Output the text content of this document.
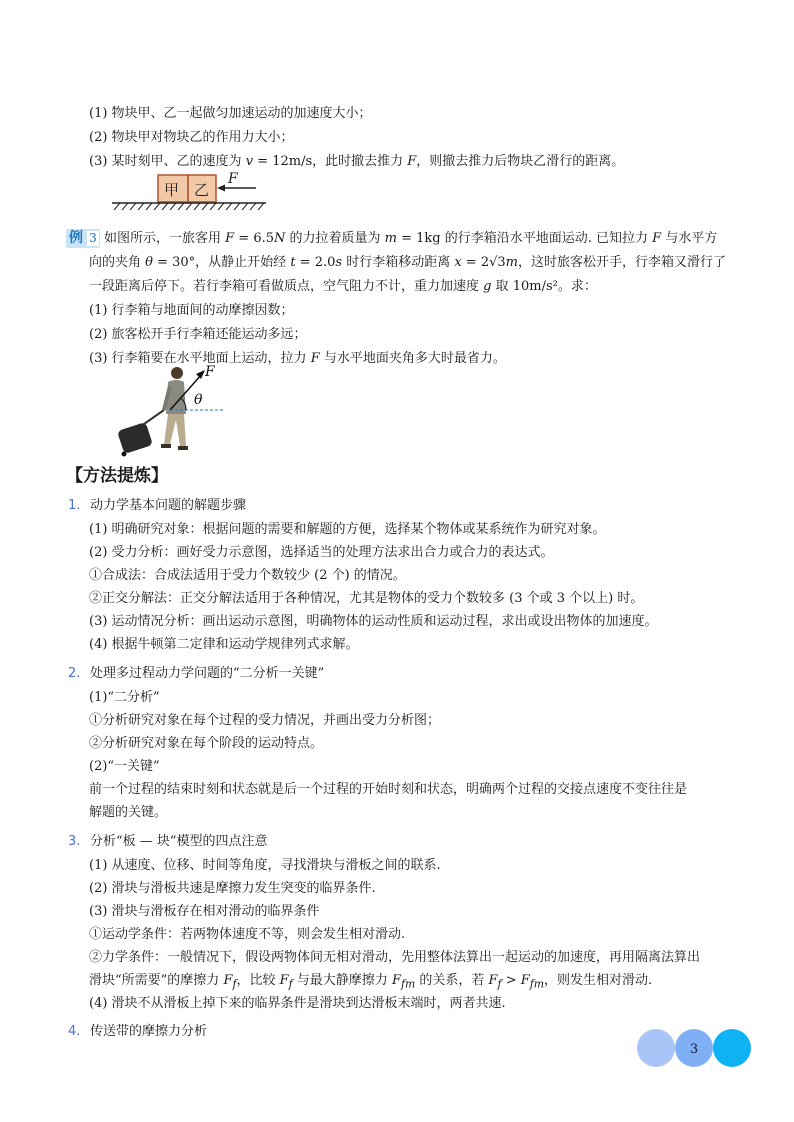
(1) 物块甲、乙一起做匀加速运动的加速度大小；
(2) 物块甲对物块乙的作用力大小；
(3) 某时刻甲、乙的速度为 v = 12m/s，此时撤去推力 F，则撤去推力后物块乙滑行的距离。
甲 乙
F
例 3 如图所示，一旅客用 F = 6.5N 的力拉着质量为 m = 1kg 的行李箱沿水平地面运动. 已知拉力 F 与水平方
向的夹角 θ = 30°，从静止开始经 t = 2.0s 时行李箱移动距离 x = 2√3m，这时旅客松开手，行李箱又滑行了
一段距离后停下。若行李箱可看做质点，空气阻力不计，重力加速度 g 取 10m/s²。求：
(1) 行李箱与地面间的动摩擦因数；
(2) 旅客松开手行李箱还能运动多远；
(3) 行李箱要在水平地面上运动，拉力 F 与水平地面夹角多大时最省力。
F
θ
【方法提炼】
1. 动力学基本问题的解题步骤
(1) 明确研究对象：根据问题的需要和解题的方便，选择某个物体或某系统作为研究对象。
(2) 受力分析：画好受力示意图，选择适当的处理方法求出合力或合力的表达式。
①合成法：合成法适用于受力个数较少 (2 个) 的情况。
②正交分解法：正交分解法适用于各种情况，尤其是物体的受力个数较多 (3 个或 3 个以上) 时。
(3) 运动情况分析：画出运动示意图，明确物体的运动性质和运动过程，求出或设出物体的加速度。
(4) 根据牛顿第二定律和运动学规律列式求解。
2. 处理多过程动力学问题的“二分析一关键”
(1)“二分析”
①分析研究对象在每个过程的受力情况，并画出受力分析图；
②分析研究对象在每个阶段的运动特点。
(2)“一关键”
前一个过程的结束时刻和状态就是后一个过程的开始时刻和状态，明确两个过程的交接点速度不变往往是
解题的关键。
3. 分析“板 — 块”模型的四点注意
(1) 从速度、位移、时间等角度，寻找滑块与滑板之间的联系.
(2) 滑块与滑板共速是摩擦力发生突变的临界条件.
(3) 滑块与滑板存在相对滑动的临界条件
①运动学条件：若两物体速度不等，则会发生相对滑动.
②力学条件：一般情况下，假设两物体间无相对滑动，先用整体法算出一起运动的加速度，再用隔离法算出
滑块“所需要”的摩擦力 $F_f$，比较 $F_f$ 与最大静摩擦力 $F_{fm}$ 的关系，若 $F_f > F_{fm}$，则发生相对滑动.
(4) 滑块不从滑板上掉下来的临界条件是滑块到达滑板末端时，两者共速.
4. 传送带的摩擦力分析
3
